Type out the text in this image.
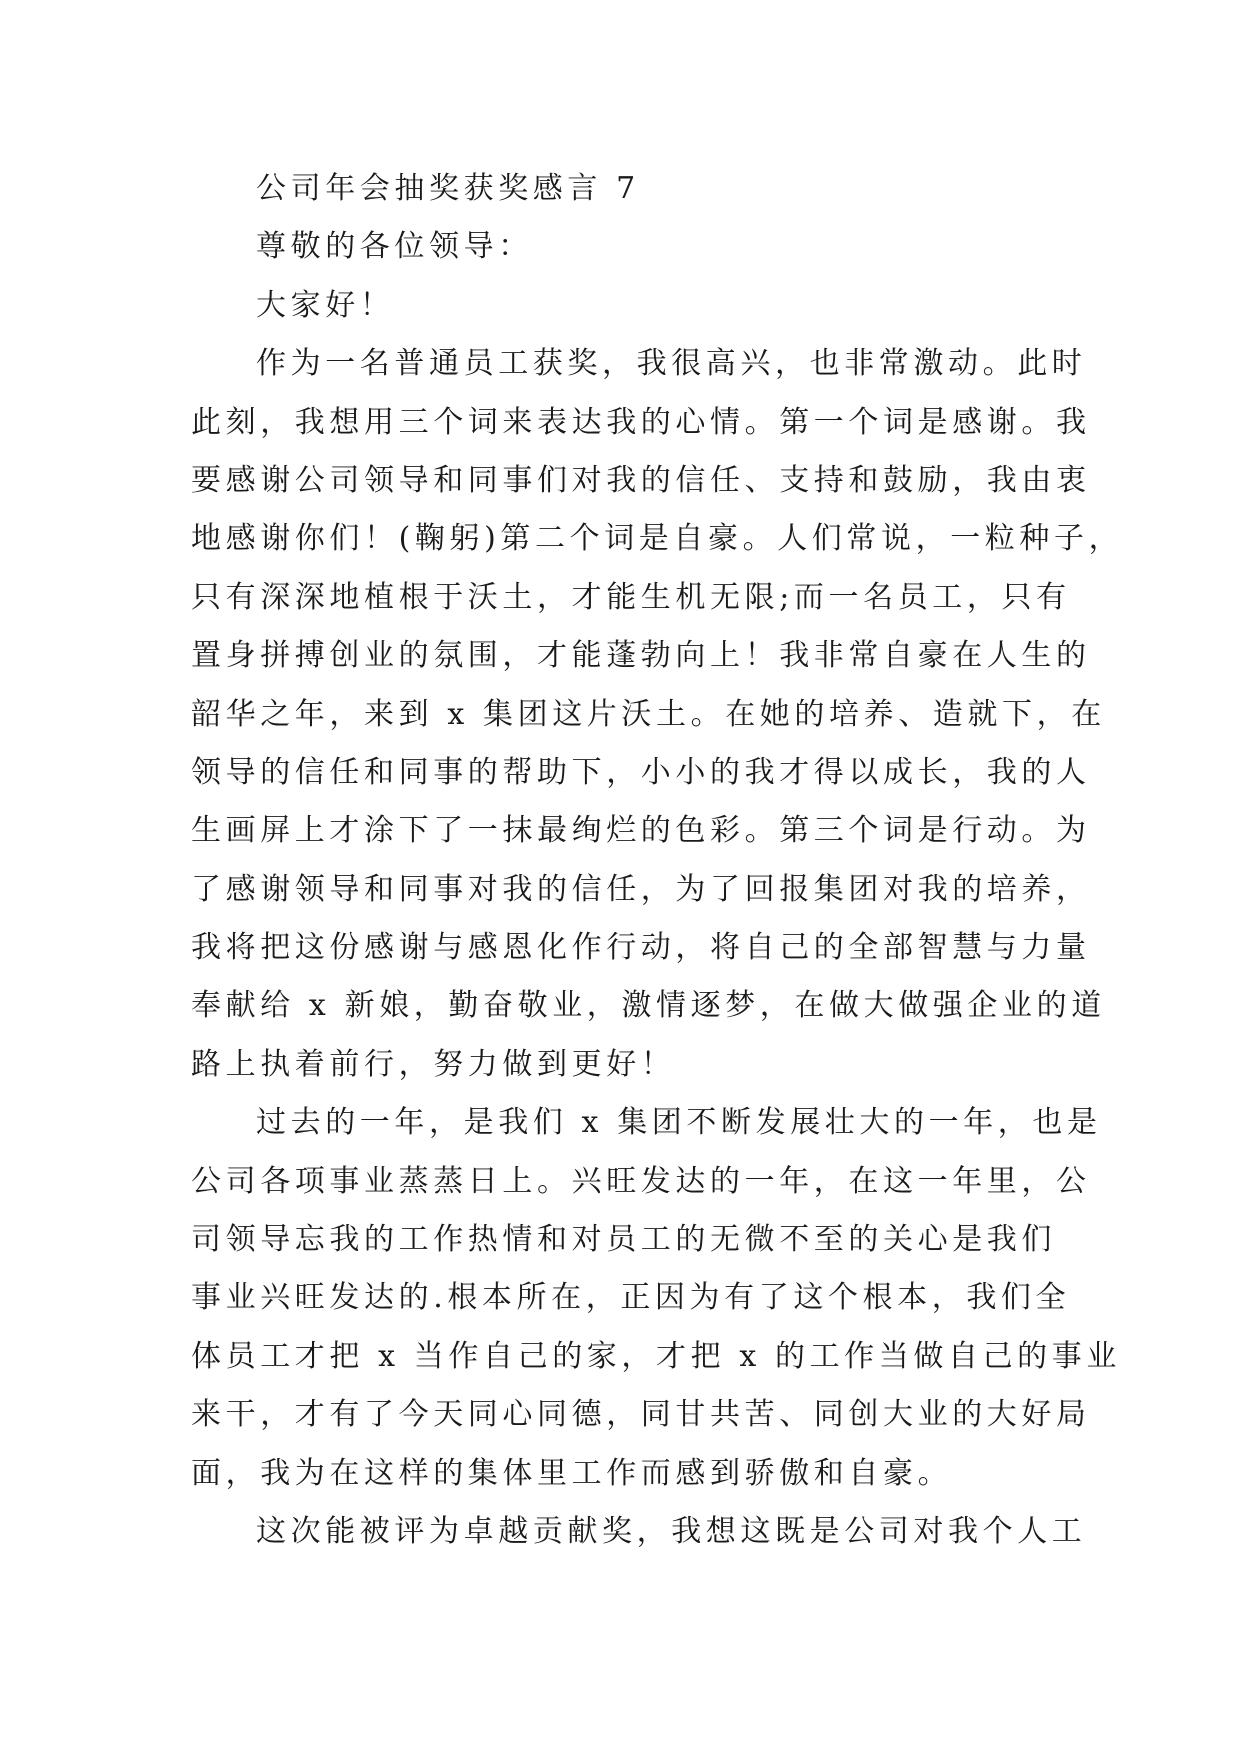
公司年会抽奖获奖感言 7
尊敬的各位领导：
大家好！
作为一名普通员工获奖，我很高兴，也非常激动。此时
此刻，我想用三个词来表达我的心情。第一个词是感谢。我
要感谢公司领导和同事们对我的信任、支持和鼓励，我由衷
地感谢你们！(鞠躬)第二个词是自豪。人们常说，一粒种子，
只有深深地植根于沃土，才能生机无限;而一名员工，只有
置身拼搏创业的氛围，才能蓬勃向上！我非常自豪在人生的
韶华之年，来到 x 集团这片沃土。在她的培养、造就下，在
领导的信任和同事的帮助下，小小的我才得以成长，我的人
生画屏上才涂下了一抹最绚烂的色彩。第三个词是行动。为
了感谢领导和同事对我的信任，为了回报集团对我的培养，
我将把这份感谢与感恩化作行动，将自己的全部智慧与力量
奉献给 x 新娘，勤奋敬业，激情逐梦，在做大做强企业的道
路上执着前行，努力做到更好！
过去的一年，是我们 x 集团不断发展壮大的一年，也是
公司各项事业蒸蒸日上。兴旺发达的一年，在这一年里，公
司领导忘我的工作热情和对员工的无微不至的关心是我们
事业兴旺发达的.根本所在，正因为有了这个根本，我们全
体员工才把 x 当作自己的家，才把 x 的工作当做自己的事业
来干，才有了今天同心同德，同甘共苦、同创大业的大好局
面，我为在这样的集体里工作而感到骄傲和自豪。
这次能被评为卓越贡献奖，我想这既是公司对我个人工
